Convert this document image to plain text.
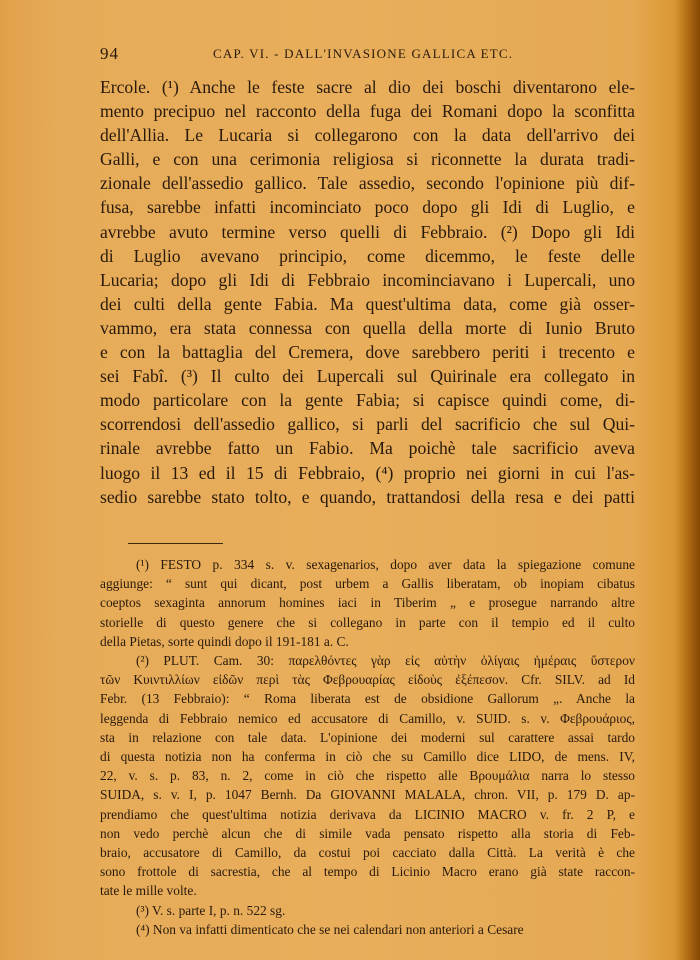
94	CAP. VI. - DALL'INVASIONE GALLICA ETC.
Ercole. (¹) Anche le feste sacre al dio dei boschi diventarono ele-
mento precipuo nel racconto della fuga dei Romani dopo la sconfitta
dell'Allia. Le Lucaria si collegarono con la data dell'arrivo dei
Galli, e con una cerimonia religiosa si riconnette la durata tradi-
zionale dell'assedio gallico. Tale assedio, secondo l'opinione più dif-
fusa, sarebbe infatti incominciato poco dopo gli Idi di Luglio, e
avrebbe avuto termine verso quelli di Febbraio. (²) Dopo gli Idi
di Luglio avevano principio, come dicemmo, le feste delle
Lucaria; dopo gli Idi di Febbraio incominciavano i Lupercali, uno
dei culti della gente Fabia. Ma quest'ultima data, come già osser-
vammo, era stata connessa con quella della morte di Iunio Bruto
e con la battaglia del Cremera, dove sarebbero periti i trecento e
sei Fabî. (³) Il culto dei Lupercali sul Quirinale era collegato in
modo particolare con la gente Fabia; si capisce quindi come, di-
scorrendosi dell'assedio gallico, si parli del sacrificio che sul Qui-
rinale avrebbe fatto un Fabio. Ma poichè tale sacrificio aveva
luogo il 13 ed il 15 di Febbraio, (⁴) proprio nei giorni in cui l'as-
sedio sarebbe stato tolto, e quando, trattandosi della resa e dei patti
(¹) FESTO p. 334 s. v. sexagenarios, dopo aver data la spiegazione comune
aggiunge: “ sunt qui dicant, post urbem a Gallis liberatam, ob inopiam cibatus
coeptos sexaginta annorum homines iaci in Tiberim „ e prosegue narrando altre
storielle di questo genere che si collegano in parte con il tempio ed il culto
della Pietas, sorte quindi dopo il 191-181 a. C.
(²) PLUT. Cam. 30: παρελθόντες γὰρ εἰς αὐτὴν ὀλίγαις ἡμέραις ὕστερον
τῶν Κυιντιλλίων εἰδῶν περὶ τὰς Φεβρουαρίας εἰδοὺς ἐξέπεσον. Cfr. SILV. ad Id
Febr. (13 Febbraio): “ Roma liberata est de obsidione Gallorum „. Anche la
leggenda di Febbraio nemico ed accusatore di Camillo, v. SUID. s. v. Φεβρουάριος,
sta in relazione con tale data. L'opinione dei moderni sul carattere assai tardo
di questa notizia non ha conferma in ciò che su Camillo dice LIDO, de mens. IV,
22, v. s. p. 83, n. 2, come in ciò che rispetto alle Βρουμάλια narra lo stesso
SUIDA, s. v. I, p. 1047 Bernh. Da GIOVANNI MALALA, chron. VII, p. 179 D. ap-
prendiamo che quest'ultima notizia derivava da LICINIO MACRO v. fr. 2 P, e
non vedo perchè alcun che di simile vada pensato rispetto alla storia di Feb-
braio, accusatore di Camillo, da costui poi cacciato dalla Città. La verità è che
sono frottole di sacrestia, che al tempo di Licinio Macro erano già state raccon-
tate le mille volte.
(³) V. s. parte I, p. n. 522 sg.
(⁴) Non va infatti dimenticato che se nei calendari non anteriori a Cesare
